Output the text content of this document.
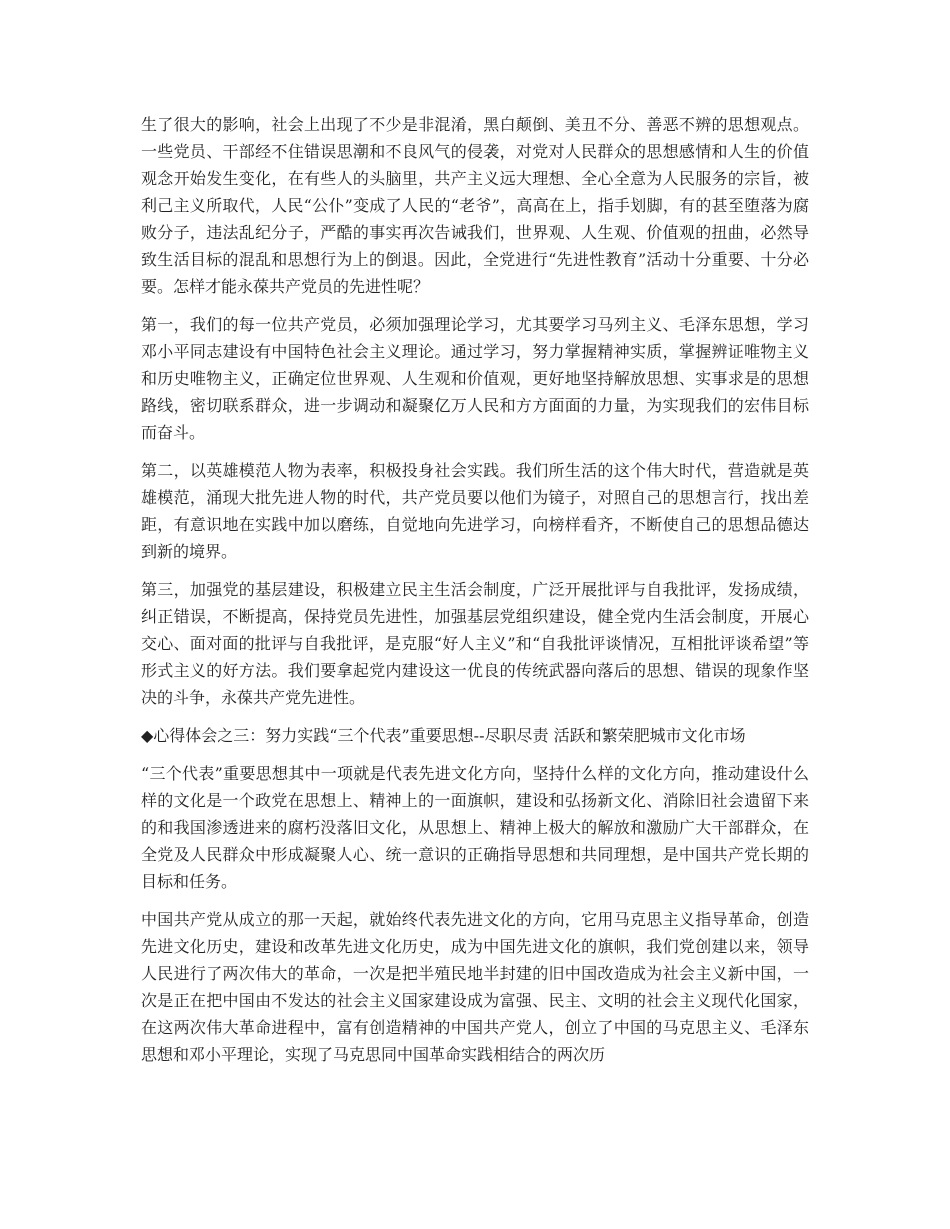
生了很大的影响，社会上出现了不少是非混淆，黑白颠倒、美丑不分、善恶不辨的思想观点。一些党员、干部经不住错误思潮和不良风气的侵袭，对党对人民群众的思想感情和人生的价值观念开始发生变化，在有些人的头脑里，共产主义远大理想、全心全意为人民服务的宗旨，被利己主义所取代，人民“公仆”变成了人民的“老爷”，高高在上，指手划脚，有的甚至堕落为腐败分子，违法乱纪分子，严酷的事实再次告诫我们，世界观、人生观、价值观的扭曲，必然导致生活目标的混乱和思想行为上的倒退。因此，全党进行“先进性教育”活动十分重要、十分必要。怎样才能永葆共产党员的先进性呢？

第一，我们的每一位共产党员，必须加强理论学习，尤其要学习马列主义、毛泽东思想，学习邓小平同志建设有中国特色社会主义理论。通过学习，努力掌握精神实质，掌握辨证唯物主义和历史唯物主义，正确定位世界观、人生观和价值观，更好地坚持解放思想、实事求是的思想路线，密切联系群众，进一步调动和凝聚亿万人民和方方面面的力量，为实现我们的宏伟目标而奋斗。

第二，以英雄模范人物为表率，积极投身社会实践。我们所生活的这个伟大时代，营造就是英雄模范，涌现大批先进人物的时代，共产党员要以他们为镜子，对照自己的思想言行，找出差距，有意识地在实践中加以磨练，自觉地向先进学习，向榜样看齐，不断使自己的思想品德达到新的境界。

第三，加强党的基层建设，积极建立民主生活会制度，广泛开展批评与自我批评，发扬成绩，纠正错误，不断提高，保持党员先进性，加强基层党组织建设，健全党内生活会制度，开展心交心、面对面的批评与自我批评，是克服“好人主义”和“自我批评谈情况，互相批评谈希望”等形式主义的好方法。我们要拿起党内建设这一优良的传统武器向落后的思想、错误的现象作坚决的斗争，永葆共产党先进性。

◆心得体会之三：努力实践“三个代表”重要思想--尽职尽责 活跃和繁荣肥城市文化市场

“三个代表”重要思想其中一项就是代表先进文化方向，坚持什么样的文化方向，推动建设什么样的文化是一个政党在思想上、精神上的一面旗帜，建设和弘扬新文化、消除旧社会遗留下来的和我国渗透进来的腐朽没落旧文化，从思想上、精神上极大的解放和激励广大干部群众，在全党及人民群众中形成凝聚人心、统一意识的正确指导思想和共同理想，是中国共产党长期的目标和任务。

中国共产党从成立的那一天起，就始终代表先进文化的方向，它用马克思主义指导革命，创造先进文化历史，建设和改革先进文化历史，成为中国先进文化的旗帜，我们党创建以来，领导人民进行了两次伟大的革命，一次是把半殖民地半封建的旧中国改造成为社会主义新中国，一次是正在把中国由不发达的社会主义国家建设成为富强、民主、文明的社会主义现代化国家，在这两次伟大革命进程中，富有创造精神的中国共产党人，创立了中国的马克思主义、毛泽东思想和邓小平理论，实现了马克思同中国革命实践相结合的两次历
